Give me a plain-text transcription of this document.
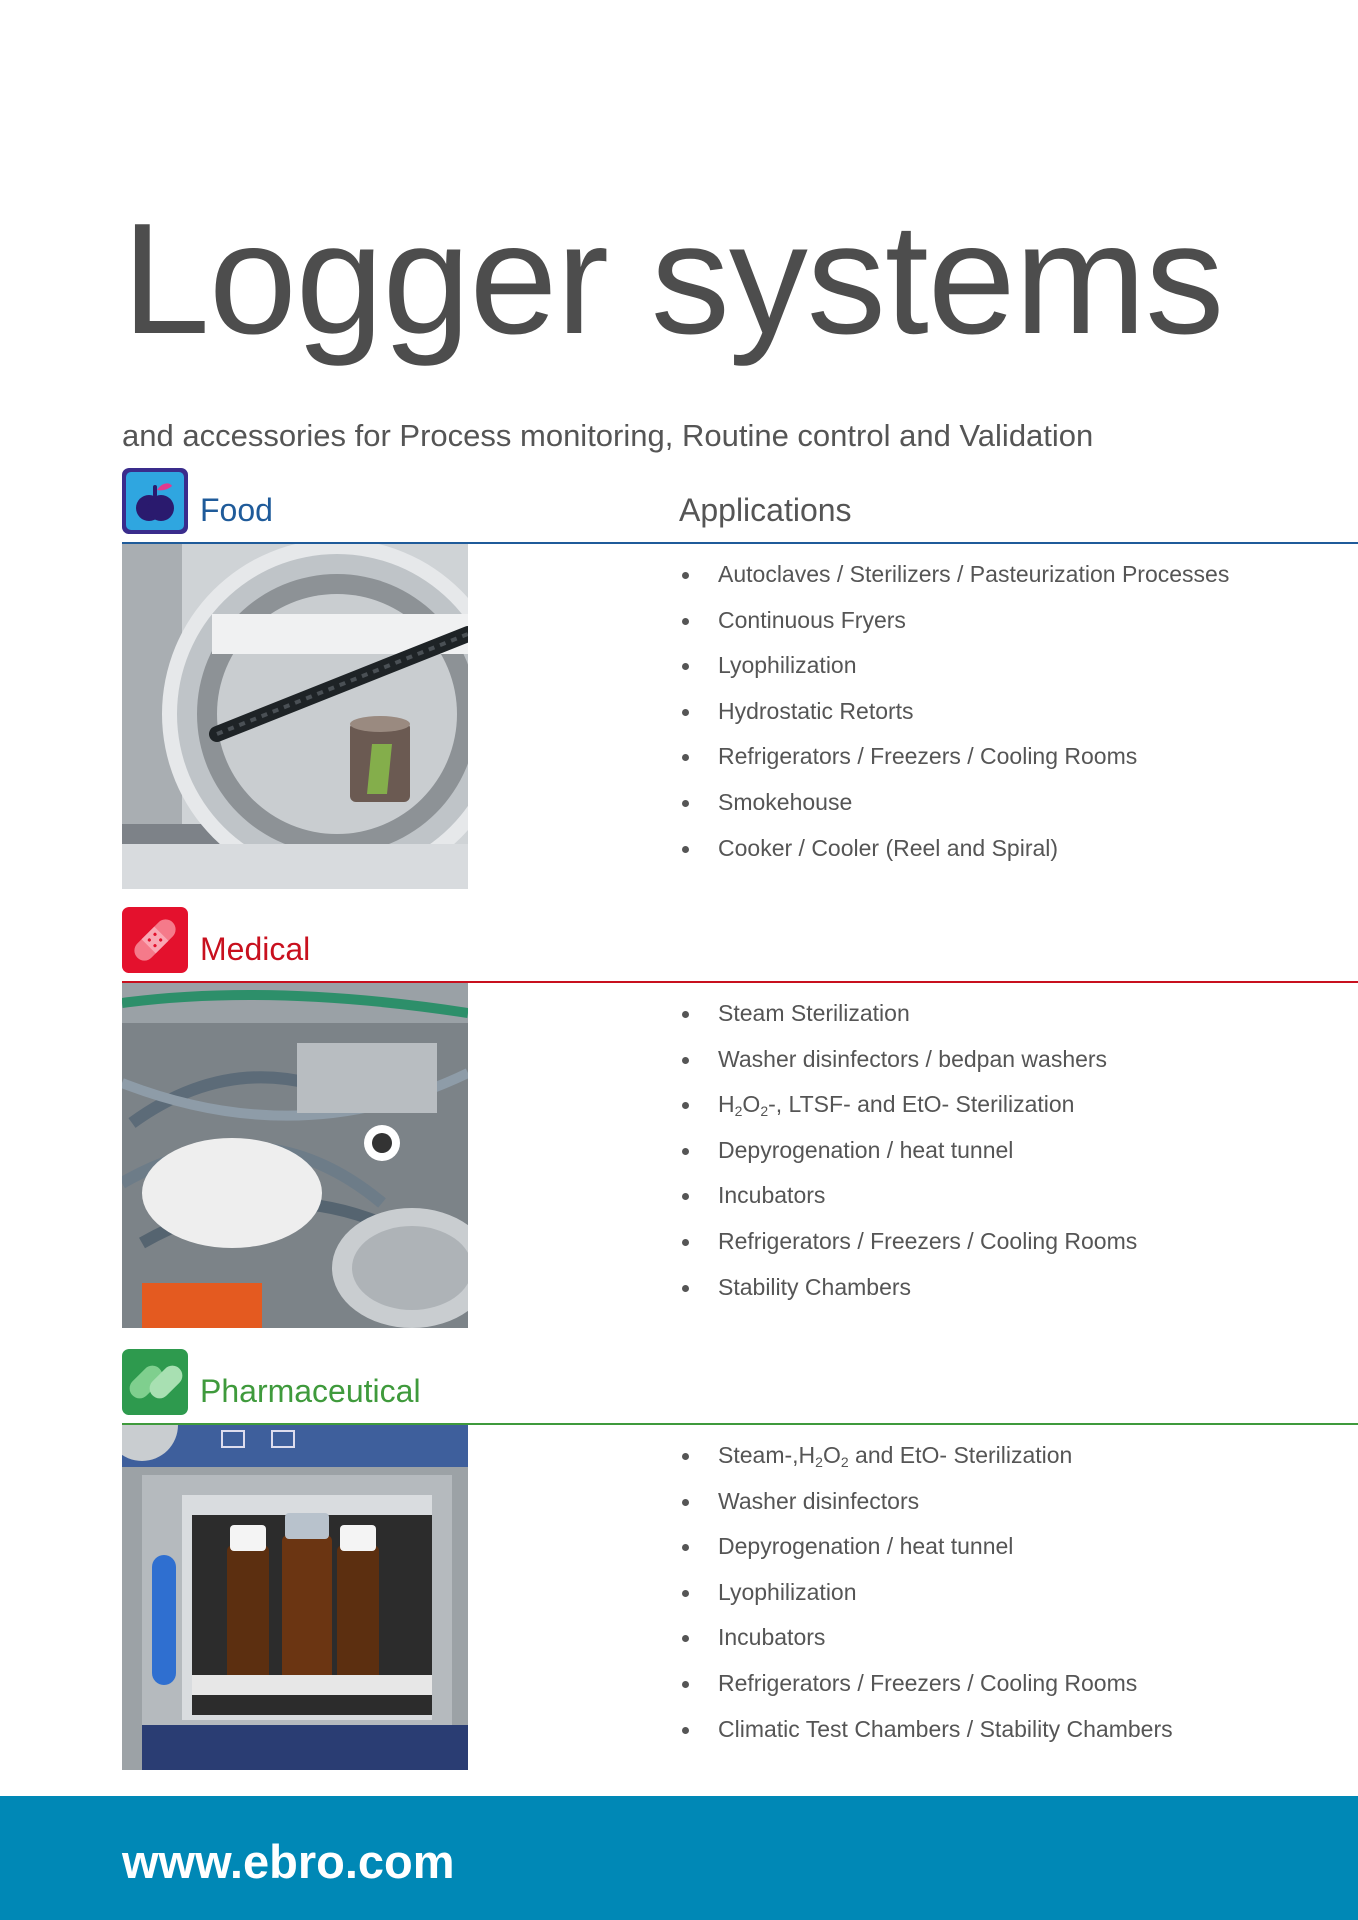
Logger systems

and accessories for Process monitoring, Routine control and Validation

Food	Applications
Autoclaves / Sterilizers / Pasteurization Processes
Continuous Fryers
Lyophilization
Hydrostatic Retorts
Refrigerators / Freezers / Cooling Rooms
Smokehouse
Cooker / Cooler (Reel and Spiral)
Medical
Steam Sterilization
Washer disinfectors / bedpan washers
$H_2O_2-$, LTSF- and EtO- Sterilization
Depyrogenation / heat tunnel
Incubators
Refrigerators / Freezers / Cooling Rooms
Stability Chambers
Pharmaceutical
Steam-$,H_2O_2$ and EtO- Sterilization
Washer disinfectors
Depyrogenation / heat tunnel
Lyophilization
Incubators
Refrigerators / Freezers / Cooling Rooms
Climatic Test Chambers / Stability Chambers
www.ebro.com
